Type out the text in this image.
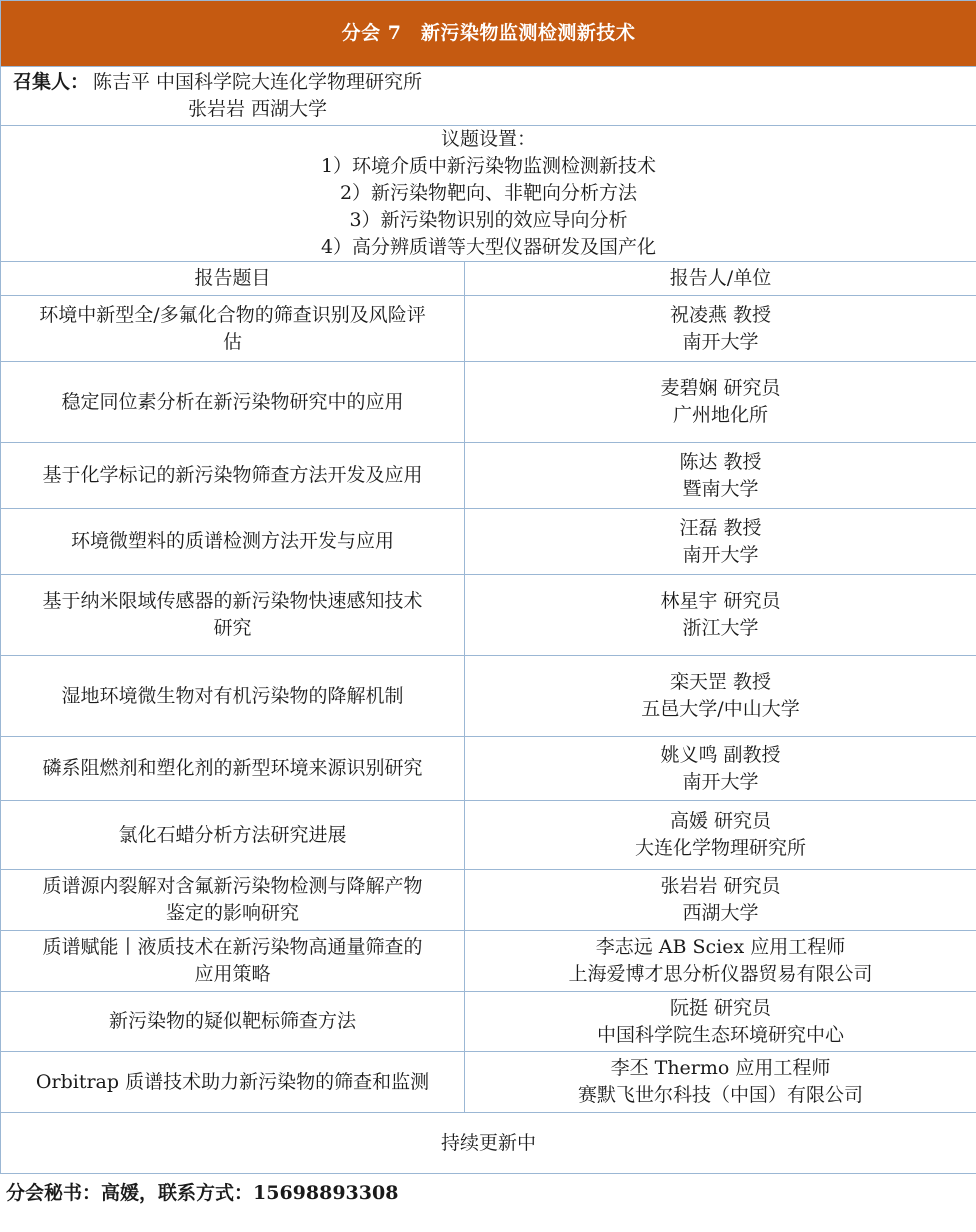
分会 7　新污染物监测检测新技术	

召集人： 陈吉平 中国科学院大连化学物理研究所
张岩岩 西湖大学	

议题设置：
1）环境介质中新污染物监测检测新技术
2）新污染物靶向、非靶向分析方法
3）新污染物识别的效应导向分析
4）高分辨质谱等大型仪器研发及国产化	

报告题目	报告人/单位

环境中新型全/多氟化合物的筛查识别及风险评
估	祝凌燕 教授
南开大学

稳定同位素分析在新污染物研究中的应用	麦碧娴 研究员
广州地化所

基于化学标记的新污染物筛查方法开发及应用	陈达 教授
暨南大学

环境微塑料的质谱检测方法开发与应用	汪磊 教授
南开大学

基于纳米限域传感器的新污染物快速感知技术
研究	林星宇 研究员
浙江大学

湿地环境微生物对有机污染物的降解机制	栾天罡 教授
五邑大学/中山大学

磷系阻燃剂和塑化剂的新型环境来源识别研究	姚义鸣 副教授
南开大学

氯化石蜡分析方法研究进展	高媛 研究员
大连化学物理研究所

质谱源内裂解对含氟新污染物检测与降解产物
鉴定的影响研究	张岩岩 研究员
西湖大学

质谱赋能丨液质技术在新污染物高通量筛查的
应用策略	李志远 AB Sciex 应用工程师
上海爱博才思分析仪器贸易有限公司

新污染物的疑似靶标筛查方法	阮挺 研究员
中国科学院生态环境研究中心

Orbitrap 质谱技术助力新污染物的筛查和监测	李丕 Thermo 应用工程师
赛默飞世尔科技（中国）有限公司

持续更新中	
分会秘书：高媛，联系方式：15698893308
